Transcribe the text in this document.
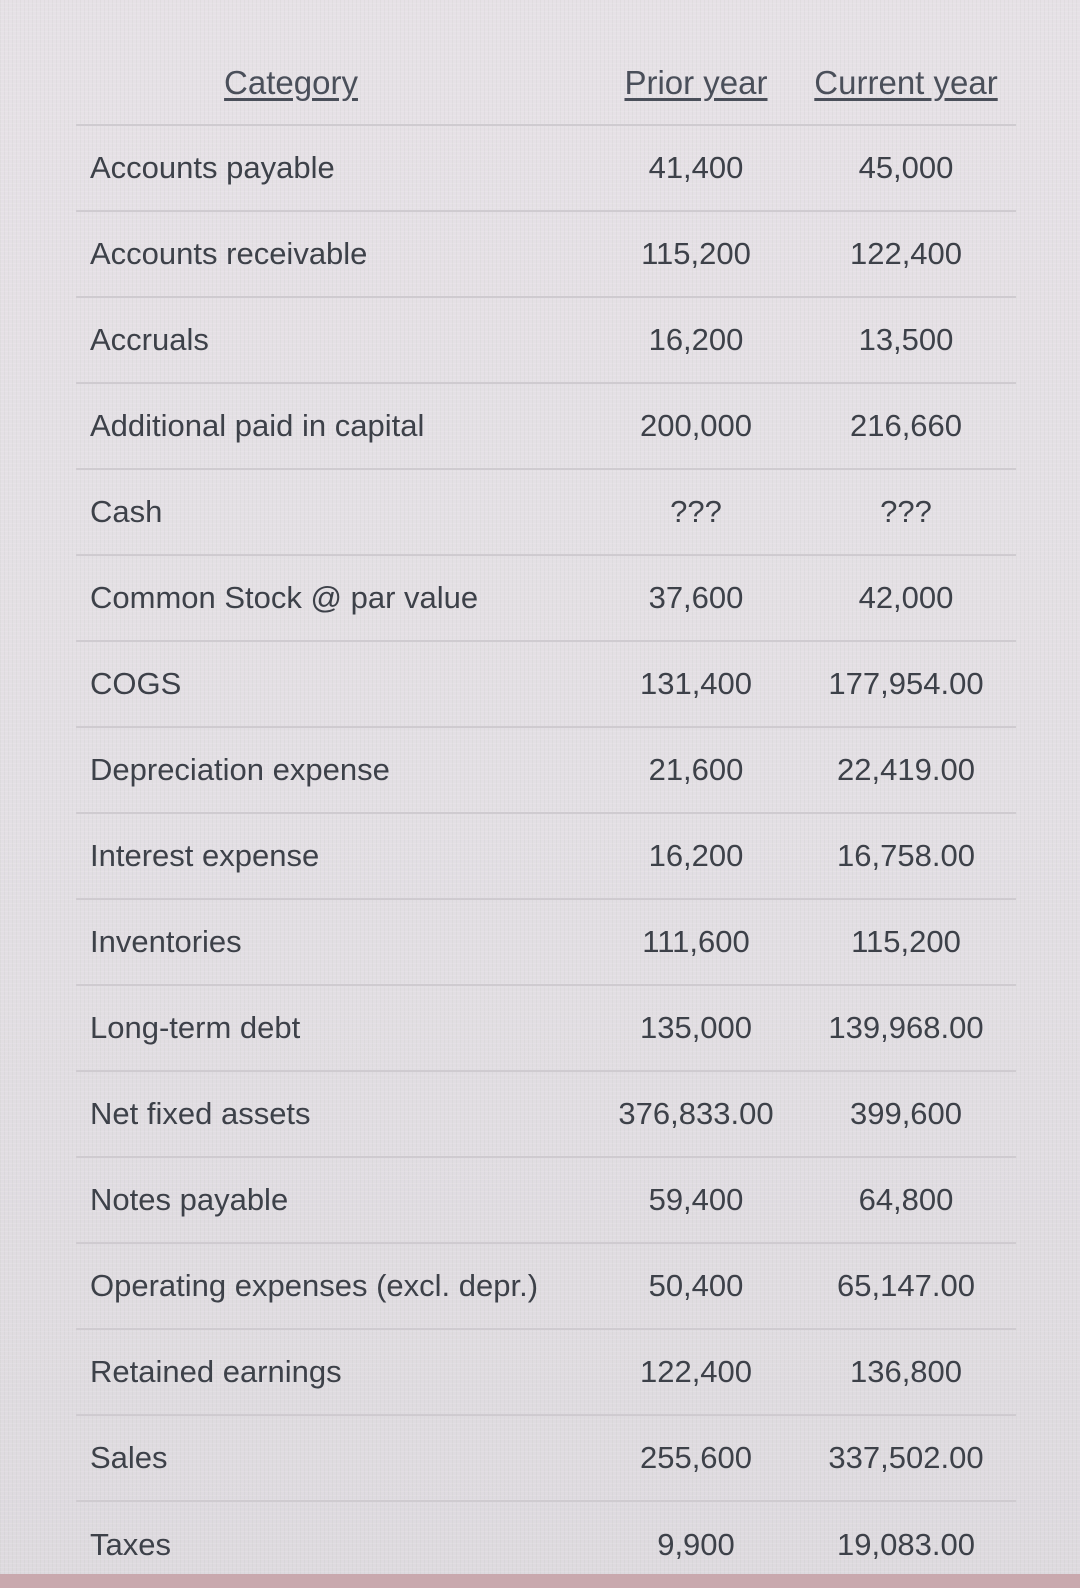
Category	Prior year	Current year
Accounts payable	41,400	45,000
Accounts receivable	115,200	122,400
Accruals	16,200	13,500
Additional paid in capital	200,000	216,660
Cash	???	???
Common Stock @ par value	37,600	42,000
COGS	131,400	177,954.00
Depreciation expense	21,600	22,419.00
Interest expense	16,200	16,758.00
Inventories	111,600	115,200
Long-term debt	135,000	139,968.00
Net fixed assets	376,833.00	399,600
Notes payable	59,400	64,800
Operating expenses (excl. depr.)	50,400	65,147.00
Retained earnings	122,400	136,800
Sales	255,600	337,502.00
Taxes	9,900	19,083.00
